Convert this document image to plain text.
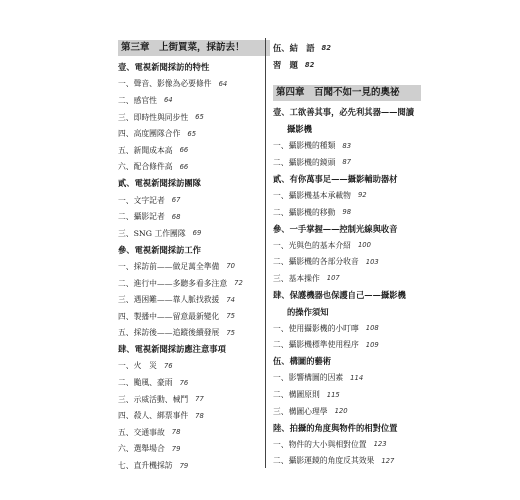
第三章　上街買菜，採訪去！
壹、電視新聞採訪的特性
一、聲音、影像為必要條件 64
二、感官性 64
三、即時性與同步性 65
四、高度團隊合作 65
五、新聞成本高 66
六、配合條件高 66
貳、電視新聞採訪團隊
一、文字記者 67
二、攝影記者 68
三、SNG 工作團隊 69
參、電視新聞採訪工作
一、採訪前——做足萬全準備 70
二、進行中——多聽多看多注意 72
三、遇困難——靠人脈找救援 74
四、製播中——留意最新變化 75
五、採訪後——追蹤後續發展 75
肆、電視新聞採訪應注意事項
一、火　災 76
二、颱風、豪雨 76
三、示威活動、械鬥 77
四、殺人、綁票事件 78
五、交通事故 78
六、選舉場合 79
七、直升機採訪 79
伍、結　語 82
習　題 82
第四章　百聞不如一見的奧祕
壹、工欲善其事，必先利其器——閱讀
攝影機
一、攝影機的種類 83
二、攝影機的鏡頭 87
貳、有你萬事足——攝影輔助器材
一、攝影機基本承載物 92
二、攝影機的移動 98
參、一手掌握——控制光線與收音
一、光與色的基本介紹 100
二、攝影機的各部分收音 103
三、基本操作 107
肆、保護機器也保護自己——攝影機
的操作須知
一、使用攝影機的小叮嚀 108
二、攝影機標準使用程序 109
伍、構圖的藝術
一、影響構圖的因素 114
二、構圖原則 115
三、構圖心理學 120
陸、拍攝的角度與物件的相對位置
一、物件的大小與相對位置 123
二、攝影運鏡的角度反其效果 127
